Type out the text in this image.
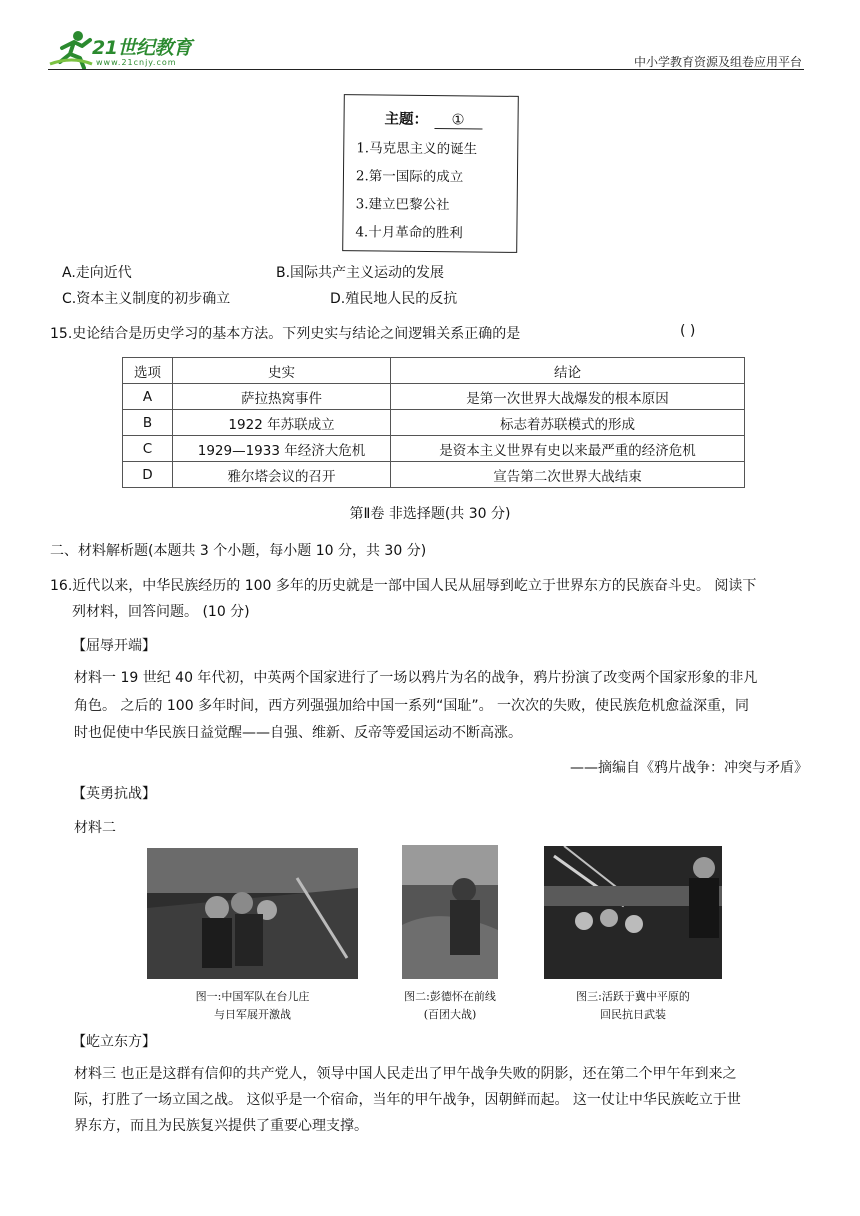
21世纪教育
www.21cnjy.com	中小学教育资源及组卷应用平台
主题： ①
1.马克思主义的诞生
2.第一国际的成立
3.建立巴黎公社
4.十月革命的胜利
A.走向近代	B.国际共产主义运动的发展
C.资本主义制度的初步确立	D.殖民地人民的反抗
15.史论结合是历史学习的基本方法。下列史实与结论之间逻辑关系正确的是	( )
选项	史实	结论
A	萨拉热窝事件	是第一次世界大战爆发的根本原因
B	1922 年苏联成立	标志着苏联模式的形成
C	1929—1933 年经济大危机	是资本主义世界有史以来最严重的经济危机
D	雅尔塔会议的召开	宣告第二次世界大战结束
第Ⅱ卷 非选择题(共 30 分)
二、材料解析题(本题共 3 个小题，每小题 10 分，共 30 分)
16.近代以来，中华民族经历的 100 多年的历史就是一部中国人民从屈辱到屹立于世界东方的民族奋斗史。 阅读下
列材料，回答问题。 (10 分)
【屈辱开端】
材料一 19 世纪 40 年代初，中英两个国家进行了一场以鸦片为名的战争，鸦片扮演了改变两个国家形象的非凡
角色。 之后的 100 多年时间，西方列强强加给中国一系列“国耻”。 一次次的失败，使民族危机愈益深重，同
时也促使中华民族日益觉醒——自强、维新、反帝等爱国运动不断高涨。
——摘编自《鸦片战争：冲突与矛盾》
【英勇抗战】
材料二
图一:中国军队在台儿庄
与日军展开激战
图二:彭德怀在前线
(百团大战)
图三:活跃于冀中平原的
回民抗日武装
【屹立东方】
材料三 也正是这群有信仰的共产党人，领导中国人民走出了甲午战争失败的阴影，还在第二个甲午年到来之
际，打胜了一场立国之战。 这似乎是一个宿命，当年的甲午战争，因朝鲜而起。 这一仗让中华民族屹立于世
界东方，而且为民族复兴提供了重要心理支撑。
